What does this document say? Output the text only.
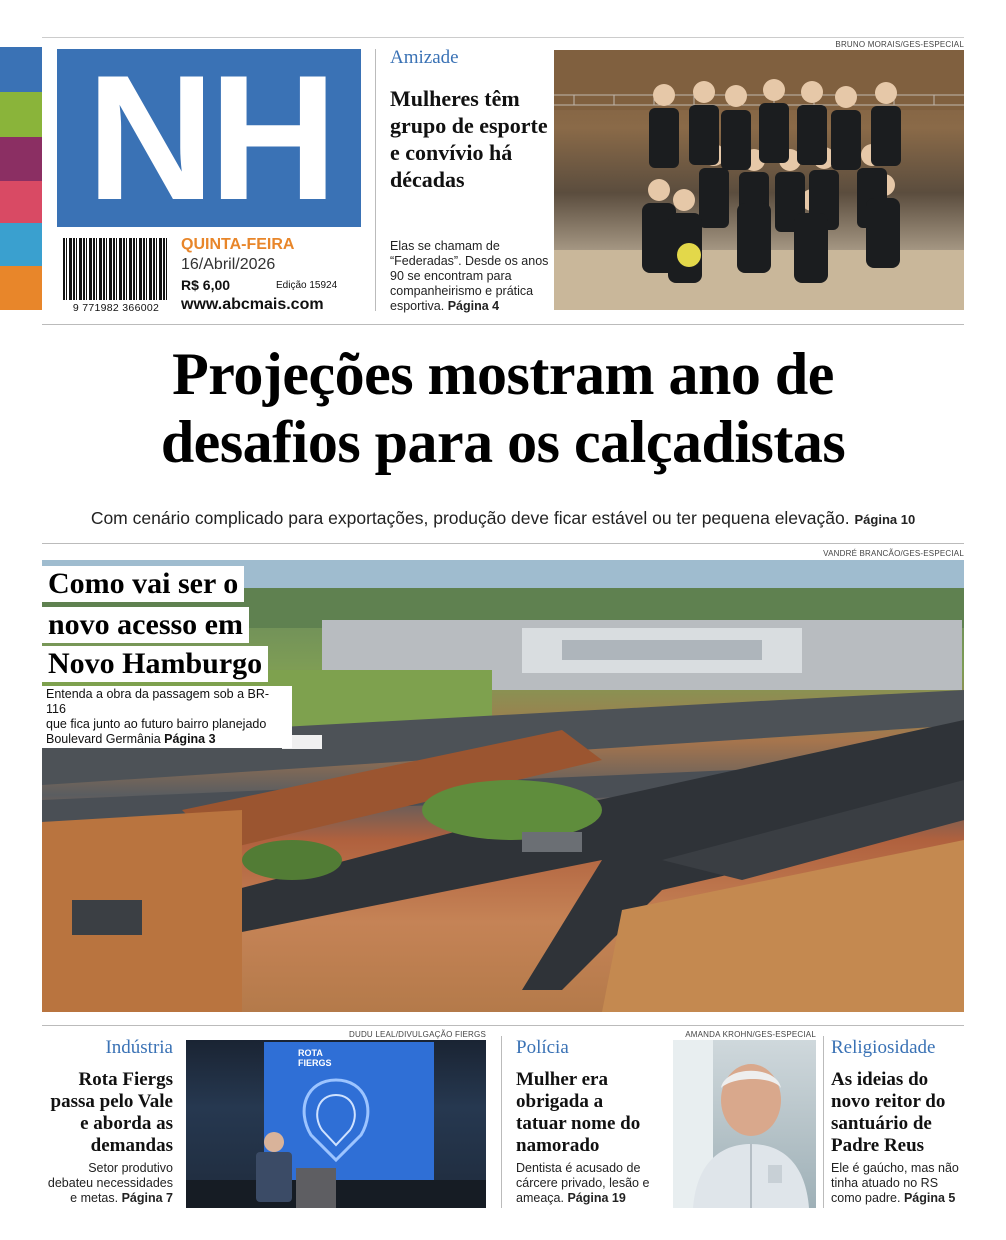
NH
9 771982 366002
QUINTA-FEIRA
16/Abril/2026
R$ 6,00	Edição 15924
www.abcmais.com
Amizade
Mulheres têm grupo de esporte e convívio há décadas
Elas se chamam de “Federadas”. Desde os anos 90 se encontram para companheirismo e prática esportiva. Página 4
BRUNO MORAIS/GES-ESPECIAL
Projeções mostram ano de
desafios para os calçadistas
Com cenário complicado para exportações, produção deve ficar estável ou ter pequena elevação. Página 10
VANDRÉ BRANCÃO/GES-ESPECIAL
Como vai ser o
novo acesso em
Novo Hamburgo
Entenda a obra da passagem sob a BR-116
que fica junto ao futuro bairro planejado
Boulevard Germânia Página 3
Indústria
Rota Fiergs passa pelo Vale e aborda as demandas
Setor produtivo debateu necessidades e metas. Página 7
DUDU LEAL/DIVULGAÇÃO FIERGS
ROTA FIERGS
Polícia
Mulher era obrigada a tatuar nome do namorado
Dentista é acusado de cárcere privado, lesão e ameaça. Página 19
AMANDA KROHN/GES-ESPECIAL
Religiosidade
As ideias do novo reitor do santuário de Padre Reus
Ele é gaúcho, mas não tinha atuado no RS como padre. Página 5
